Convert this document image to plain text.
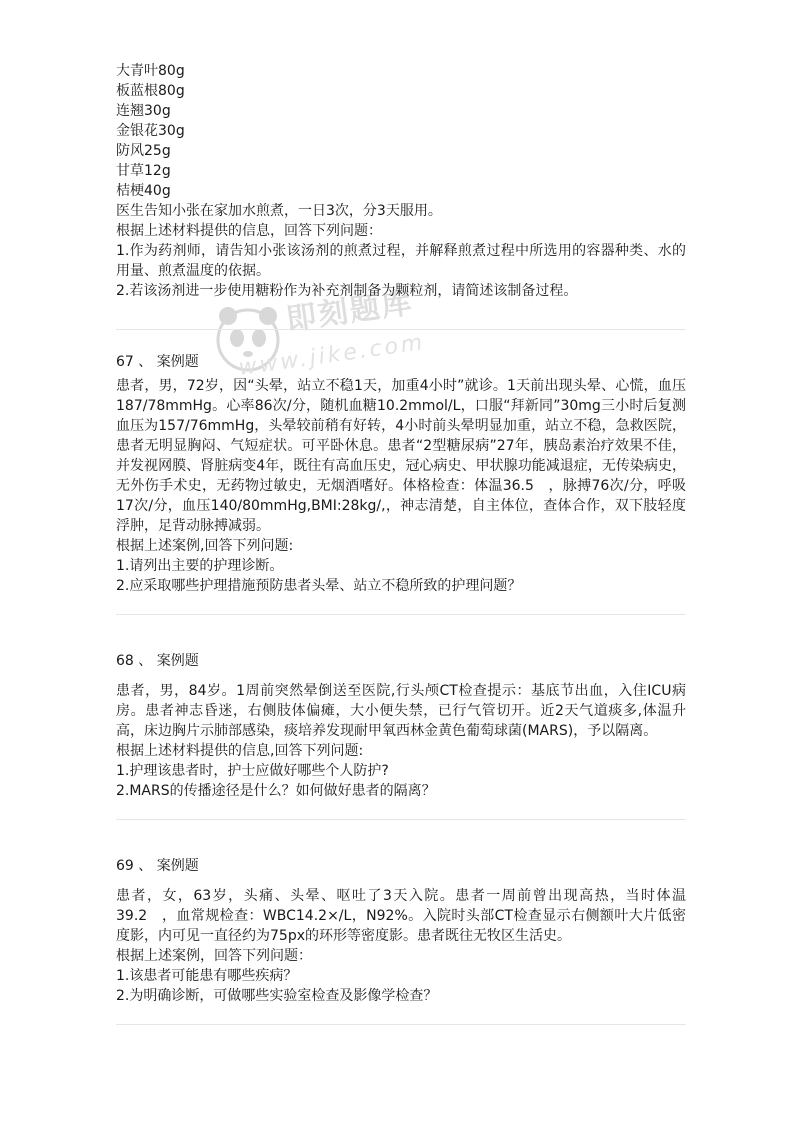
即刻题库
www.jike.com

大青叶80g

板蓝根80g

连翘30g

金银花30g

防风25g

甘草12g

桔梗40g

医生告知小张在家加水煎煮，一日3次，分3天服用。

根据上述材料提供的信息，回答下列问题：

1.作为药剂师，请告知小张该汤剂的煎煮过程，并解释煎煮过程中所选用的容器种类、水的用量、煎煮温度的依据。

2.若该汤剂进一步使用糖粉作为补充剂制备为颗粒剂，请简述该制备过程。

67 、 案例题

患者，男，72岁，因“头晕，站立不稳1天，加重4小时”就诊。1天前出现头晕、心慌，血压187/78mmHg。心率86次/分，随机血糖10.2mmol/L，口服“拜新同”30mg三小时后复测血压为157/76mmHg，头晕较前稍有好转，4小时前头晕明显加重，站立不稳，急救医院，患者无明显胸闷、气短症状。可平卧休息。患者“2型糖尿病”27年，胰岛素治疗效果不佳，并发视网膜、肾脏病变4年，既往有高血压史，冠心病史、甲状腺功能减退症，无传染病史，无外伤手术史，无药物过敏史，无烟酒嗜好。体格检查：体温36.5　，脉搏76次/分，呼吸17次/分，血压140/80mmHg,BMI:28kg/,，神志清楚，自主体位，查体合作，双下肢轻度浮肿，足背动脉搏减弱。

根据上述案例,回答下列问题:

1.请列出主要的护理诊断。

2.应采取哪些护理措施预防患者头晕、站立不稳所致的护理问题？

68 、 案例题

患者，男，84岁。1周前突然晕倒送至医院,行头颅CT检查提示：基底节出血，入住ICU病房。患者神志昏迷，右侧肢体偏瘫，大小便失禁，已行气管切开。近2天气道痰多,体温升高，床边胸片示肺部感染，痰培养发现耐甲氧西林金黄色葡萄球菌(MARS)，予以隔离。

根据上述材料提供的信息,回答下列问题:

1.护理该患者时，护士应做好哪些个人防护?

2.MARS的传播途径是什么？如何做好患者的隔离？

69 、 案例题

患者，女，63岁，头痛、头晕、呕吐了3天入院。患者一周前曾出现高热，当时体温39.2　，血常规检查：WBC14.2×/L，N92%。入院时头部CT检查显示右侧额叶大片低密度影，内可见一直径约为75px的环形等密度影。患者既往无牧区生活史。

根据上述案例，回答下列问题：

1.该患者可能患有哪些疾病？

2.为明确诊断，可做哪些实验室检查及影像学检查？
